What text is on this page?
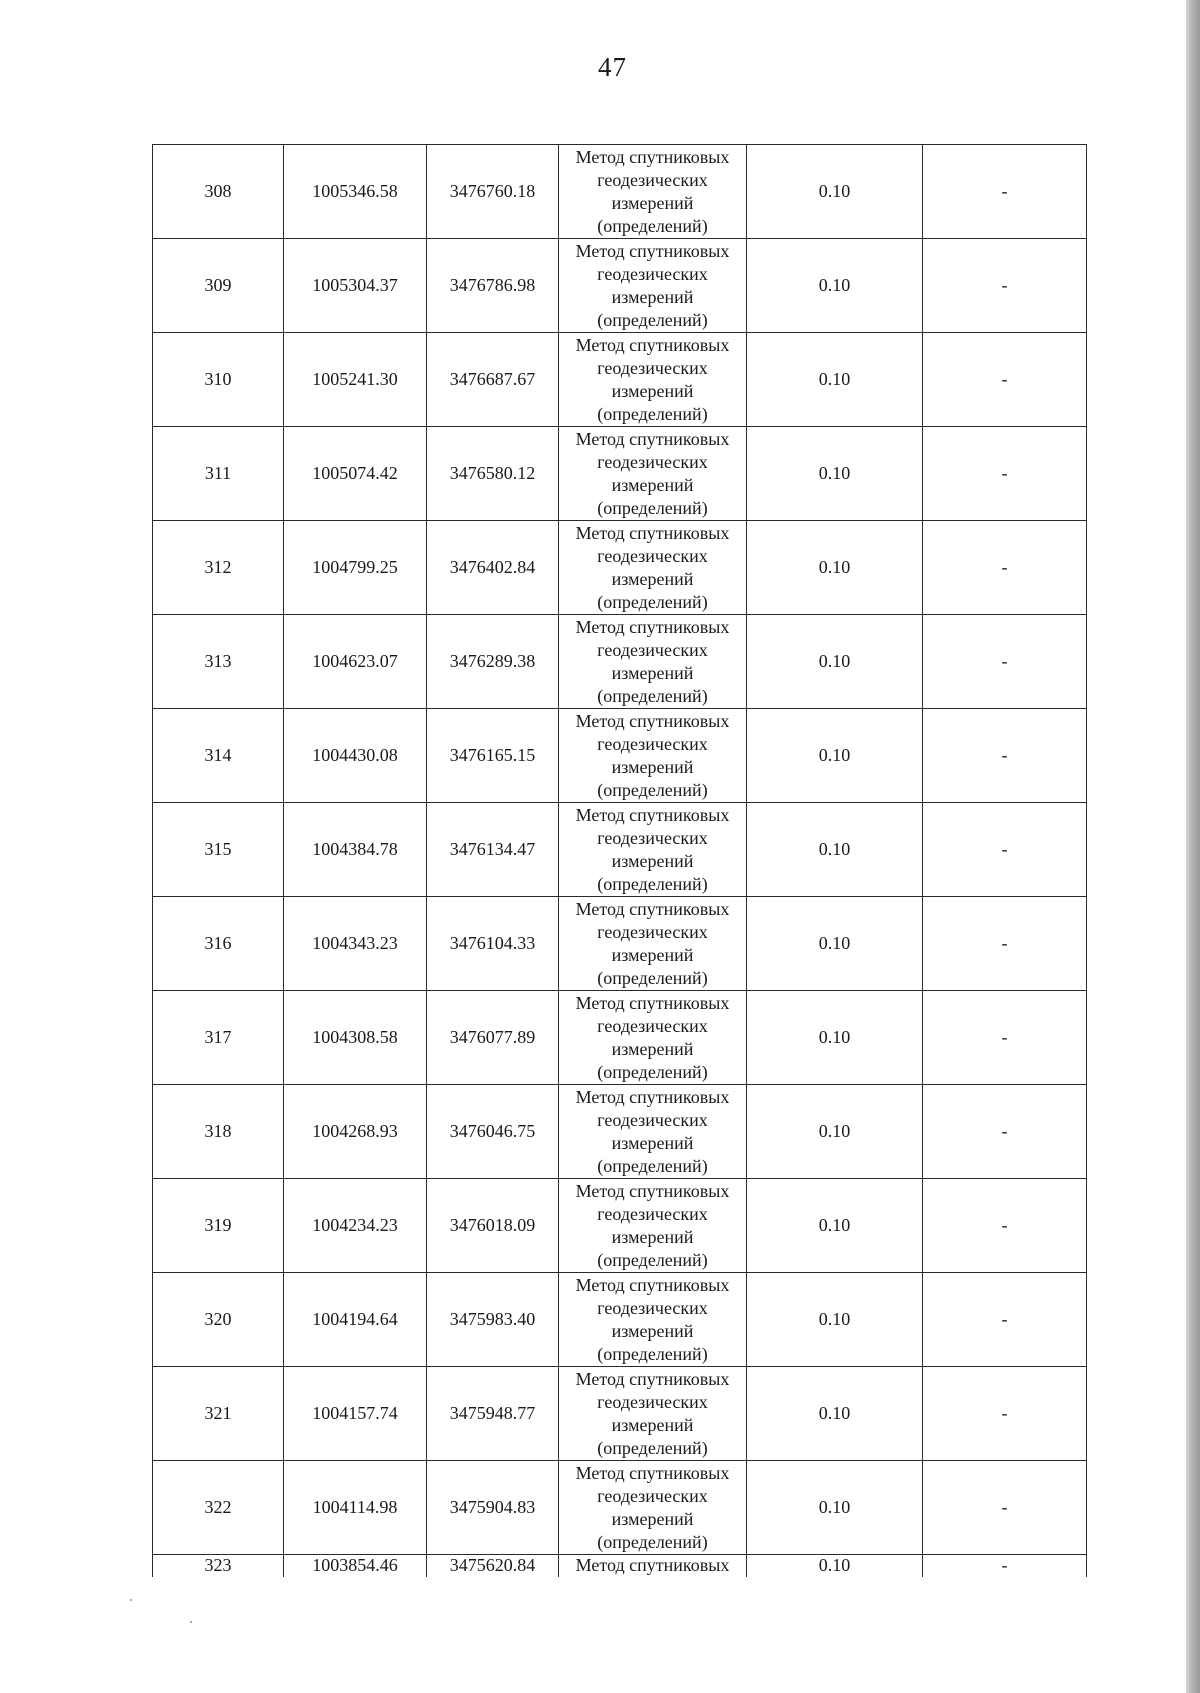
47
308	1005346.58	3476760.18	Метод спутниковых
геодезических
измерений
(определений)	0.10	-
309	1005304.37	3476786.98	Метод спутниковых
геодезических
измерений
(определений)	0.10	-
310	1005241.30	3476687.67	Метод спутниковых
геодезических
измерений
(определений)	0.10	-
311	1005074.42	3476580.12	Метод спутниковых
геодезических
измерений
(определений)	0.10	-
312	1004799.25	3476402.84	Метод спутниковых
геодезических
измерений
(определений)	0.10	-
313	1004623.07	3476289.38	Метод спутниковых
геодезических
измерений
(определений)	0.10	-
314	1004430.08	3476165.15	Метод спутниковых
геодезических
измерений
(определений)	0.10	-
315	1004384.78	3476134.47	Метод спутниковых
геодезических
измерений
(определений)	0.10	-
316	1004343.23	3476104.33	Метод спутниковых
геодезических
измерений
(определений)	0.10	-
317	1004308.58	3476077.89	Метод спутниковых
геодезических
измерений
(определений)	0.10	-
318	1004268.93	3476046.75	Метод спутниковых
геодезических
измерений
(определений)	0.10	-
319	1004234.23	3476018.09	Метод спутниковых
геодезических
измерений
(определений)	0.10	-
320	1004194.64	3475983.40	Метод спутниковых
геодезических
измерений
(определений)	0.10	-
321	1004157.74	3475948.77	Метод спутниковых
геодезических
измерений
(определений)	0.10	-
322	1004114.98	3475904.83	Метод спутниковых
геодезических
измерений
(определений)	0.10	-
323	1003854.46	3475620.84	Метод спутниковых	0.10	-
